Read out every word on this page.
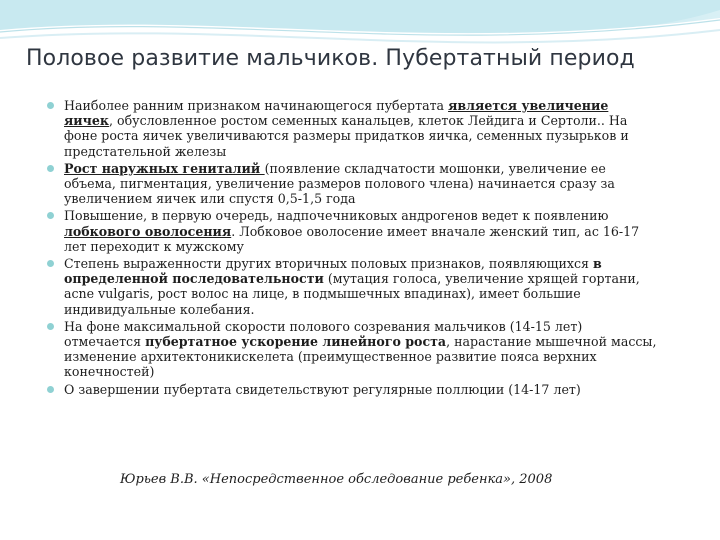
Половое развитие мальчиков. Пубертатный период
Наиболее ранним признаком начинающегося пубертата является увеличение яичек, обусловленное ростом семенных канальцев, клеток Лейдига и Сертоли.. На фоне роста яичек увеличиваются размеры придатков яичка, семенных пузырьков и предстательной железы
Рост наружных гениталий (появление складчатости мошонки, увеличение ее объема, пигментация, увеличение размеров полового члена) начинается сразу за увеличением яичек или спустя 0,5-1,5 года
Повышение, в первую очередь, надпочечниковых андрогенов ведет к появлению лобкового оволосения. Лобковое оволосение имеет вначале женский тип, ас 16-17 лет переходит к мужскому
Степень выраженности других вторичных половых признаков, появляющихся в определенной последовательности (мутация голоса, увеличение хрящей гортани, acne vulgaris, рост волос на лице, в подмышечных впадинах), имеет большие индивидуальные колебания.
На фоне максимальной скорости полового созревания мальчиков (14-15 лет) отмечается пубертатное ускорение линейного роста, нарастание мышечной массы, изменение архитектоникискелета (преимущественное развитие пояса верхних конечностей)
О завершении пубертата свидетельствуют регулярные поллюции (14-17 лет)
Юрьев В.В. «Непосредственное обследование ребенка», 2008
